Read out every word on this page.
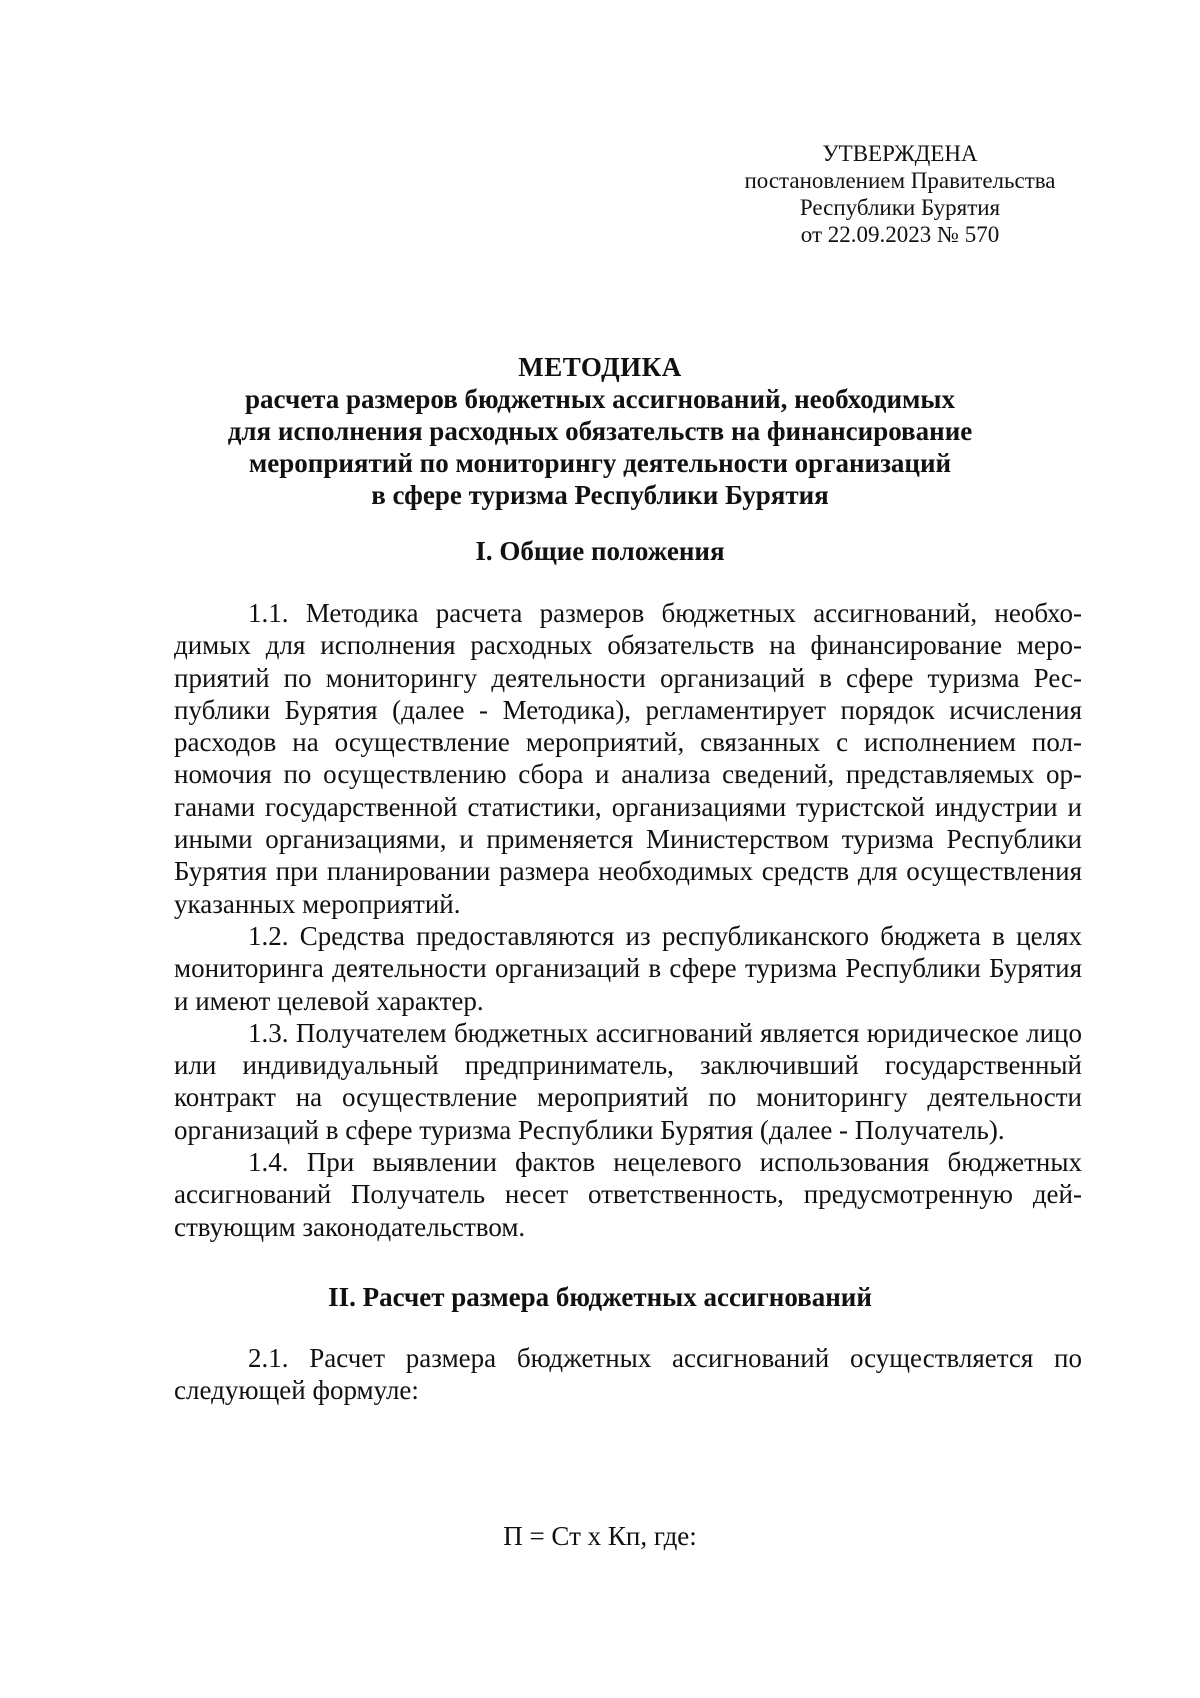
УТВЕРЖДЕНА
постановлением Правительства
Республики Бурятия
от 22.09.2023 № 570
МЕТОДИКА
расчета размеров бюджетных ассигнований, необходимых
для исполнения расходных обязательств на финансирование
мероприятий по мониторингу деятельности организаций
в сфере туризма Республики Бурятия
I. Общие положения

1.1. Методика расчета размеров бюджетных ассигнований, необходимых для исполнения расходных обязательств на финансирование мероприятий по мониторингу деятельности организаций в сфере туризма Республики Бурятия (далее - Методика), регламентирует порядок исчисления расходов на осуществление мероприятий, связанных с исполнением полномочия по осуществлению сбора и анализа сведений, представляемых органами государственной статистики, организациями туристской индустрии и иными организациями, и применяется Министерством туризма Республики Бурятия при планировании размера необходимых средств для осуществления указанных мероприятий.

1.2. Средства предоставляются из республиканского бюджета в целях мониторинга деятельности организаций в сфере туризма Республики Бурятия и имеют целевой характер.

1.3. Получателем бюджетных ассигнований является юридическое лицо или индивидуальный предприниматель, заключивший государственный контракт на осуществление мероприятий по мониторингу деятельности организаций в сфере туризма Республики Бурятия (далее - Получатель).

1.4. При выявлении фактов нецелевого использования бюджетных ассигнований Получатель несет ответственность, предусмотренную действующим законодательством.

II. Расчет размера бюджетных ассигнований

2.1. Расчет размера бюджетных ассигнований осуществляется по следующей формуле:

П = Ст х Кп, где:
